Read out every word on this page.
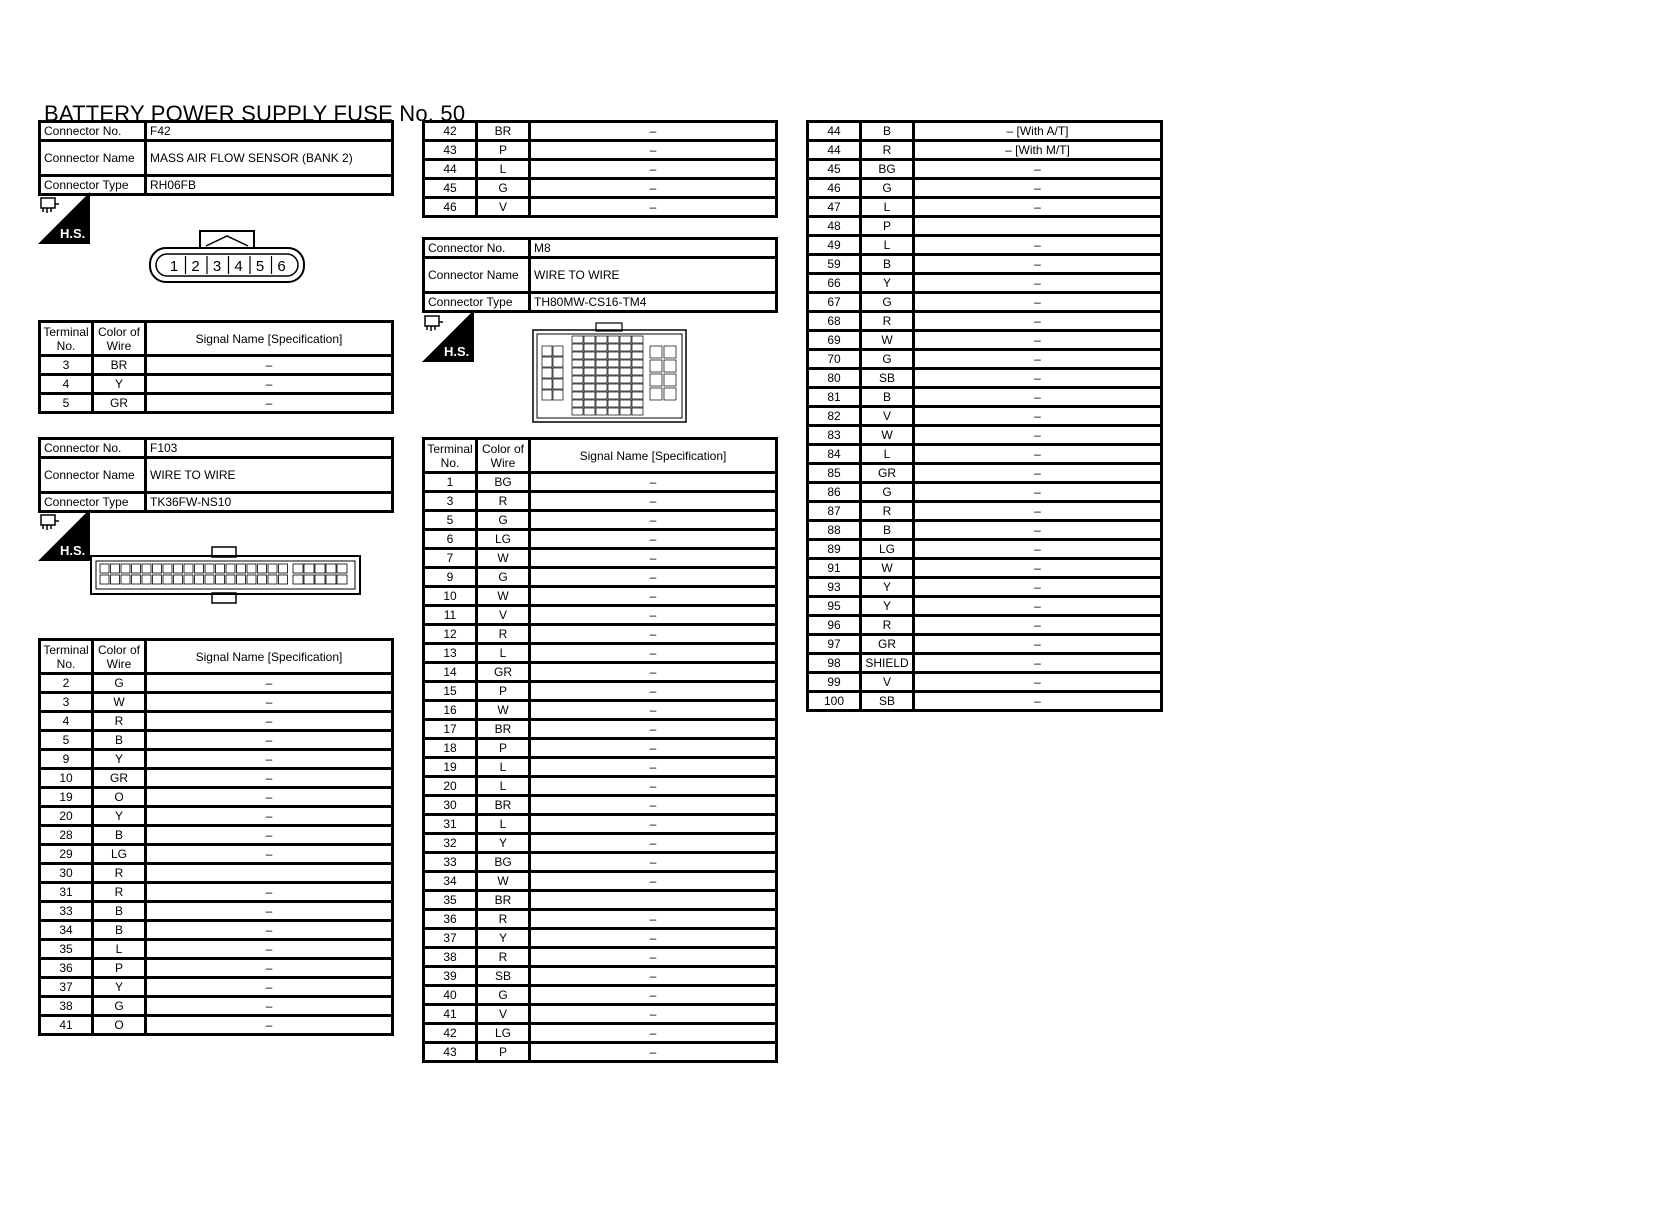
BATTERY POWER SUPPLY FUSE No. 50
Connector No.	F42
Connector Name	MASS AIR FLOW SENSOR (BANK 2)
Connector Type	RH06FB
H.S.
1 2 3 4 5 6
Terminal No.	Color of Wire	Signal Name [Specification]
3	BR	–
4	Y	–
5	GR	–
Connector No.	F103
Connector Name	WIRE TO WIRE
Connector Type	TK36FW-NS10
H.S.
Terminal No.	Color of Wire	Signal Name [Specification]
2	G	–
3	W	–
4	R	–
5	B	–
9	Y	–
10	GR	–
19	O	–
20	Y	–
28	B	–
29	LG	–
30	R	
31	R	–
33	B	–
34	B	–
35	L	–
36	P	–
37	Y	–
38	G	–
41	O	–
42	BR	–
43	P	–
44	L	–
45	G	–
46	V	–
Connector No.	M8
Connector Name	WIRE TO WIRE
Connector Type	TH80MW-CS16-TM4
H.S.
Terminal No.	Color of Wire	Signal Name [Specification]
1	BG	–
3	R	–
5	G	–
6	LG	–
7	W	–
9	G	–
10	W	–
11	V	–
12	R	–
13	L	–
14	GR	–
15	P	–
16	W	–
17	BR	–
18	P	–
19	L	–
20	L	–
30	BR	–
31	L	–
32	Y	–
33	BG	–
34	W	–
35	BR	
36	R	–
37	Y	–
38	R	–
39	SB	–
40	G	–
41	V	–
42	LG	–
43	P	–
44	B	– [With A/T]
44	R	– [With M/T]
45	BG	–
46	G	–
47	L	–
48	P	
49	L	–
59	B	–
66	Y	–
67	G	–
68	R	–
69	W	–
70	G	–
80	SB	–
81	B	–
82	V	–
83	W	–
84	L	–
85	GR	–
86	G	–
87	R	–
88	B	–
89	LG	–
91	W	–
93	Y	–
95	Y	–
96	R	–
97	GR	–
98	SHIELD	–
99	V	–
100	SB	–
